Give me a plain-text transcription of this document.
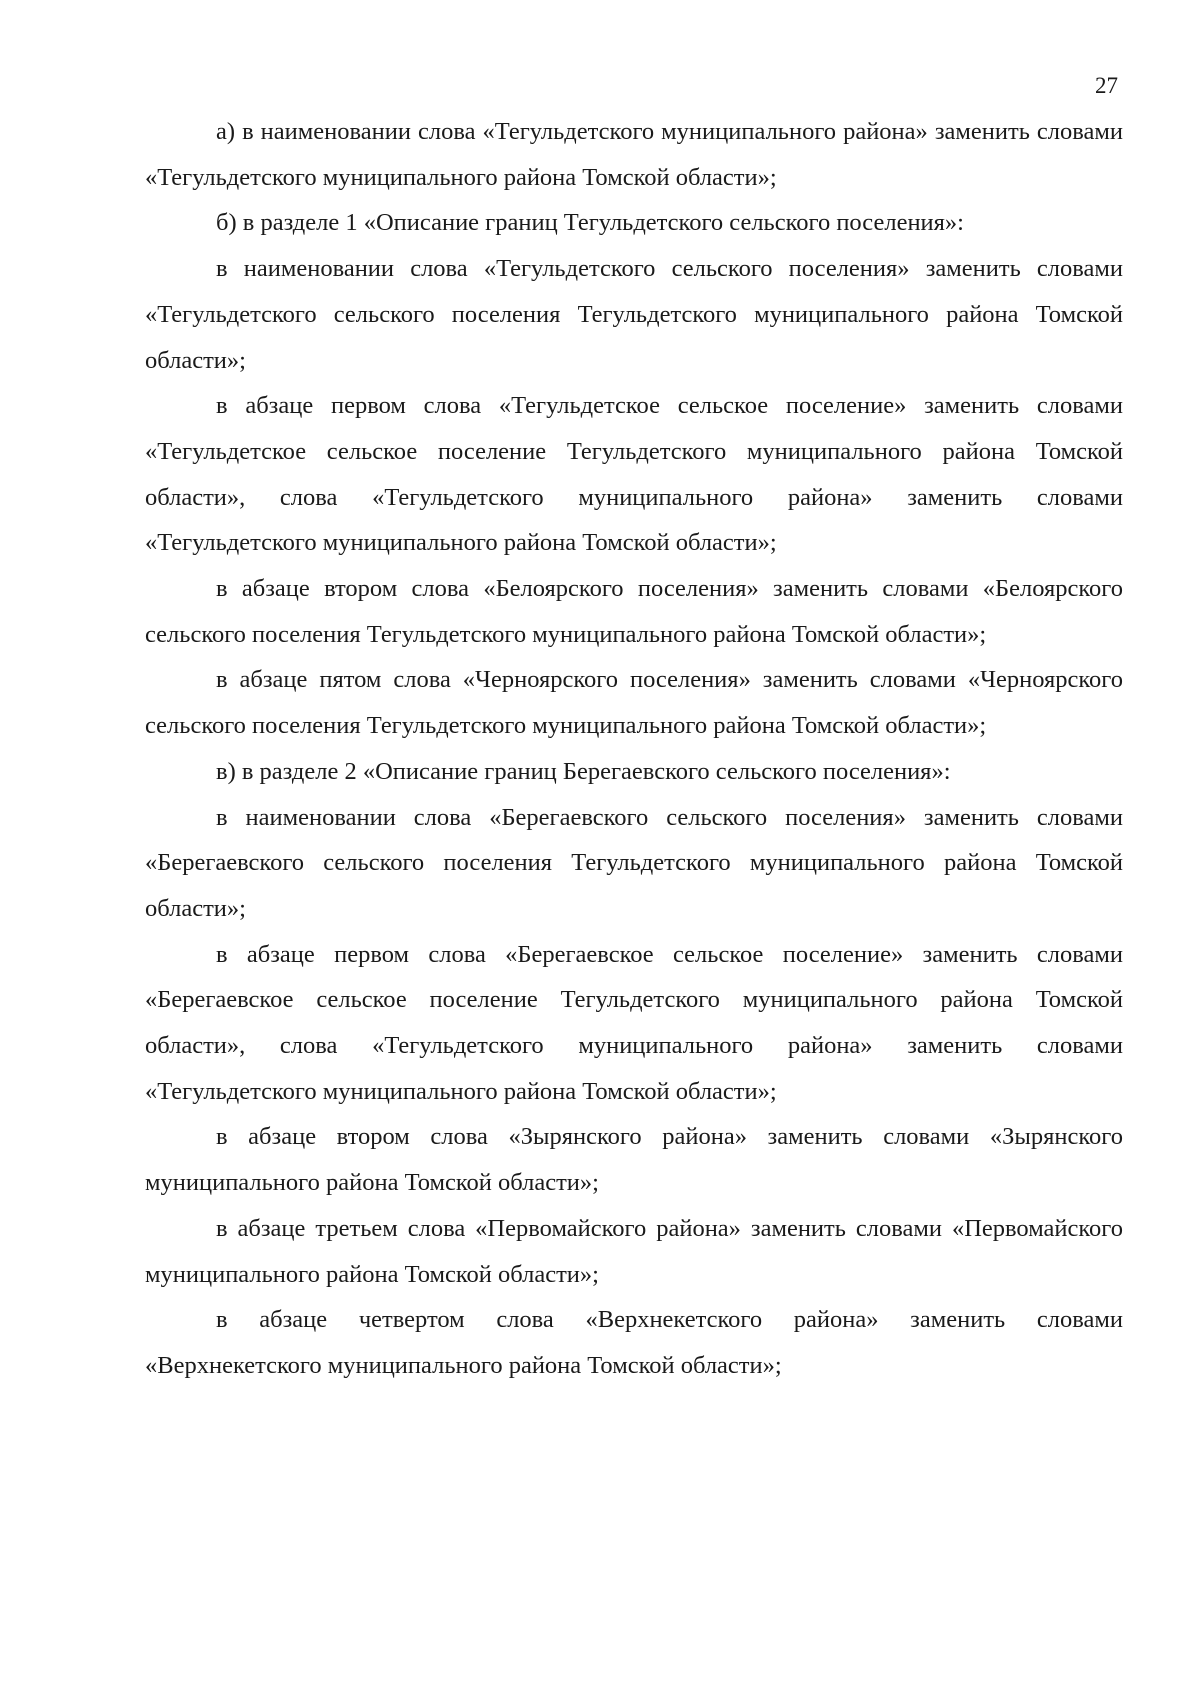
27

а) в наименовании слова «Тегульдетского муниципального района» заменить словами «Тегульдетского муниципального района Томской области»;

б) в разделе 1 «Описание границ Тегульдетского сельского поселения»:

в наименовании слова «Тегульдетского сельского поселения» заменить словами «Тегульдетского сельского поселения Тегульдетского муниципального района Томской области»;

в абзаце первом слова «Тегульдетское сельское поселение» заменить словами «Тегульдетское сельское поселение Тегульдетского муниципального района Томской области», слова «Тегульдетского муниципального района» заменить словами «Тегульдетского муниципального района Томской области»;

в абзаце втором слова «Белоярского поселения» заменить словами «Белоярского сельского поселения Тегульдетского муниципального района Томской области»;

в абзаце пятом слова «Черноярского поселения» заменить словами «Черноярского сельского поселения Тегульдетского муниципального района Томской области»;

в) в разделе 2 «Описание границ Берегаевского сельского поселения»:

в наименовании слова «Берегаевского сельского поселения» заменить словами «Берегаевского сельского поселения Тегульдетского муниципального района Томской области»;

в абзаце первом слова «Берегаевское сельское поселение» заменить словами «Берегаевское сельское поселение Тегульдетского муниципального района Томской области», слова «Тегульдетского муниципального района» заменить словами «Тегульдетского муниципального района Томской области»;

в абзаце втором слова «Зырянского района» заменить словами «Зырянского муниципального района Томской области»;

в абзаце третьем слова «Первомайского района» заменить словами «Первомайского муниципального района Томской области»;

в абзаце четвертом слова «Верхнекетского района» заменить словами «Верхнекетского муниципального района Томской области»;
